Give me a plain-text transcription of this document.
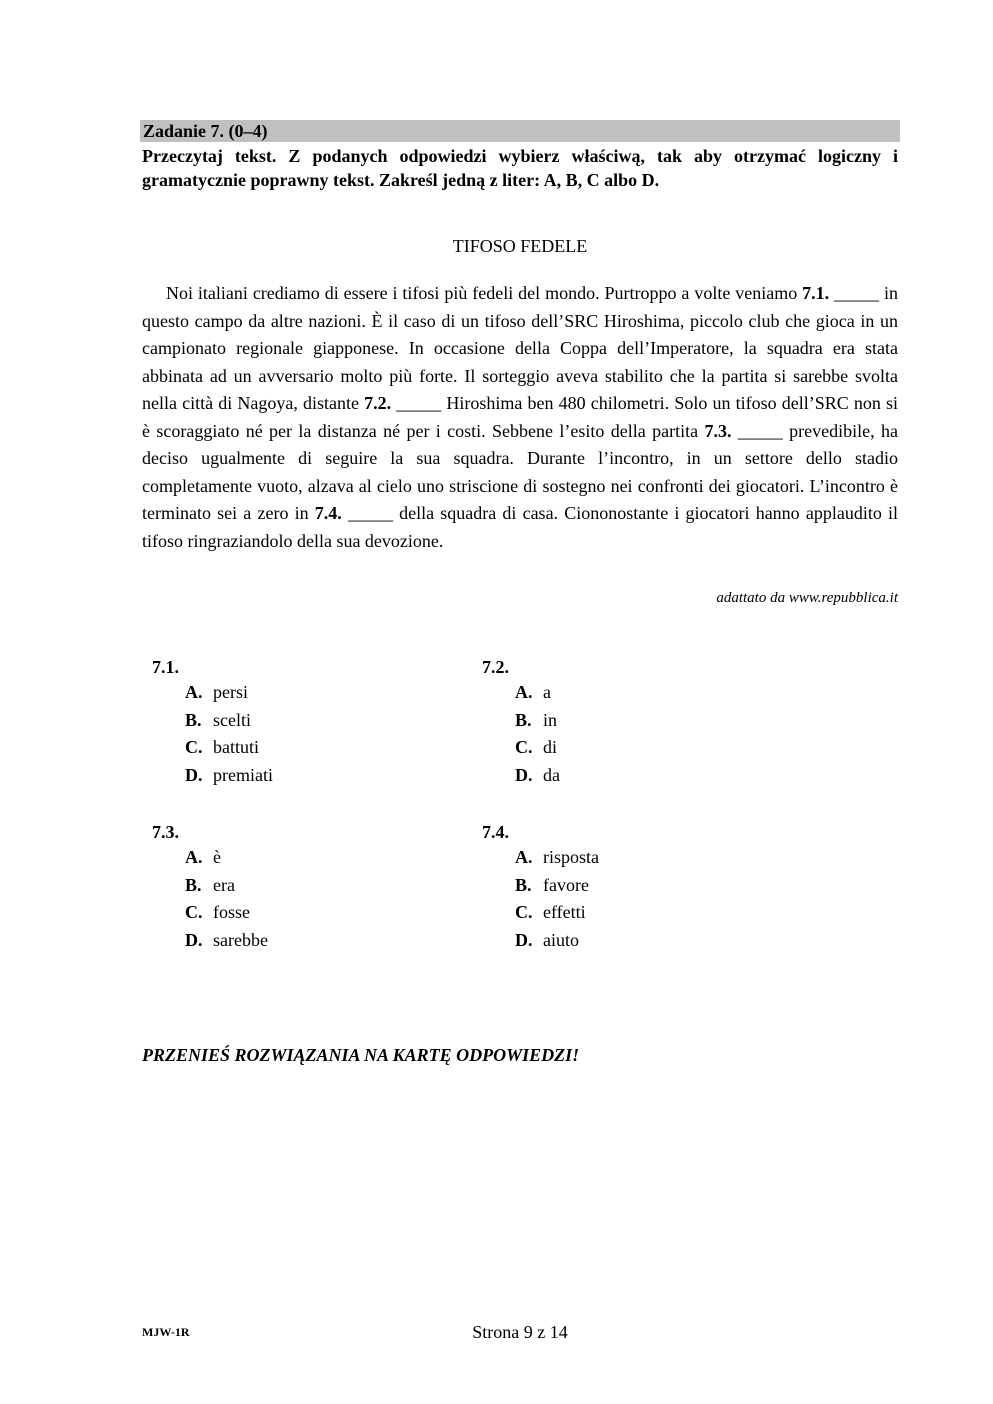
Zadanie 7. (0–4)
Przeczytaj tekst. Z podanych odpowiedzi wybierz właściwą, tak aby otrzymać logiczny i gramatycznie poprawny tekst. Zakreśl jedną z liter: A, B, C albo D.
TIFOSO FEDELE

Noi italiani crediamo di essere i tifosi più fedeli del mondo. Purtroppo a volte veniamo 7.1. _____ in questo campo da altre nazioni. È il caso di un tifoso dell’SRC Hiroshima, piccolo club che gioca in un campionato regionale giapponese. In occasione della Coppa dell’Imperatore, la squadra era stata abbinata ad un avversario molto più forte. Il sorteggio aveva stabilito che la partita si sarebbe svolta nella città di Nagoya, distante 7.2. _____ Hiroshima ben 480 chilometri. Solo un tifoso dell’SRC non si è scoraggiato né per la distanza né per i costi. Sebbene l’esito della partita 7.3. _____ prevedibile, ha deciso ugualmente di seguire la sua squadra. Durante l’incontro, in un settore dello stadio completamente vuoto, alzava al cielo uno striscione di sostegno nei confronti dei giocatori. L’incontro è terminato sei a zero in 7.4. _____ della squadra di casa. Ciononostante i giocatori hanno applaudito il tifoso ringraziandolo della sua devozione.

adattato da www.repubblica.it
7.1.
A. persi
B. scelti
C. battuti
D. premiati
7.2.
A. a
B. in
C. di
D. da
7.3.
A. è
B. era
C. fosse
D. sarebbe
7.4.
A. risposta
B. favore
C. effetti
D. aiuto
PRZENIEŚ ROZWIĄZANIA NA KARTĘ ODPOWIEDZI!
MJW-1R	Strona 9 z 14
